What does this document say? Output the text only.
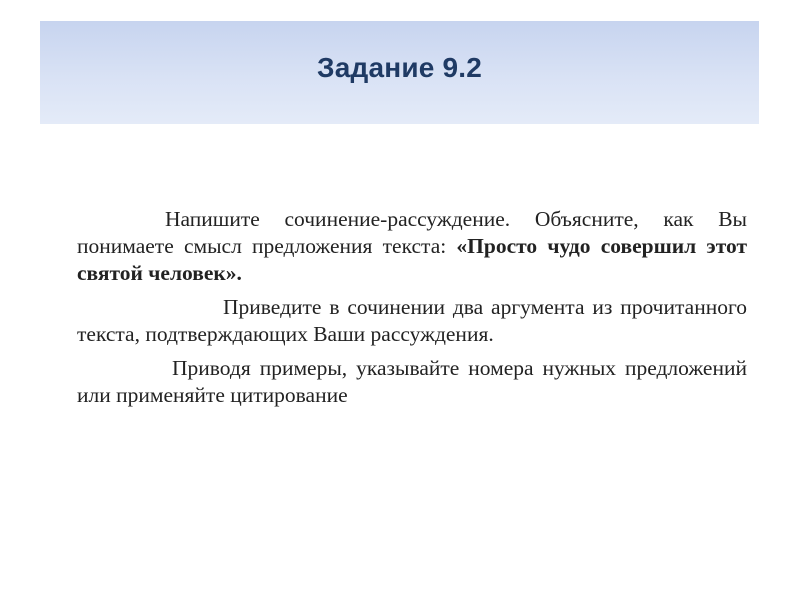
Задание 9.2

Напишите сочинение-рассуждение. Объясните, как Вы понимаете смысл предложения текста: «Просто чудо совершил этот святой человек».

Приведите в сочинении два аргумента из прочитанного текста, подтверждающих Ваши рассуждения.

Приводя примеры, указывайте номера нужных предложений или применяйте цитирование
